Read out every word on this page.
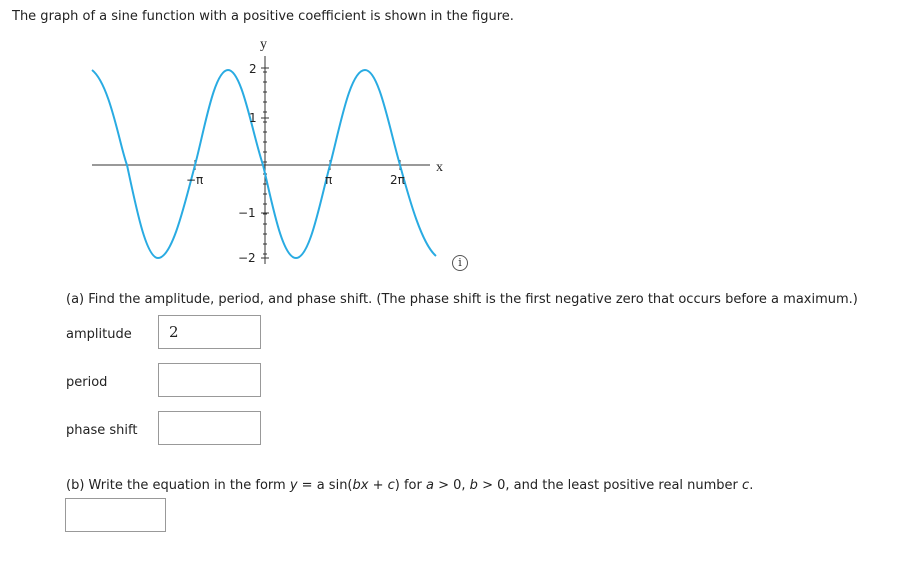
The graph of a sine function with a positive coefficient is shown in the figure.
y
x
2
1
−1
−2
−π	π	2π
i
(a) Find the amplitude, period, and phase shift. (The phase shift is the first negative zero that occurs before a maximum.)
amplitude	2
period
phase shift
(b) Write the equation in the form y = a sin(bx + c) for a > 0, b > 0, and the least positive real number c.
